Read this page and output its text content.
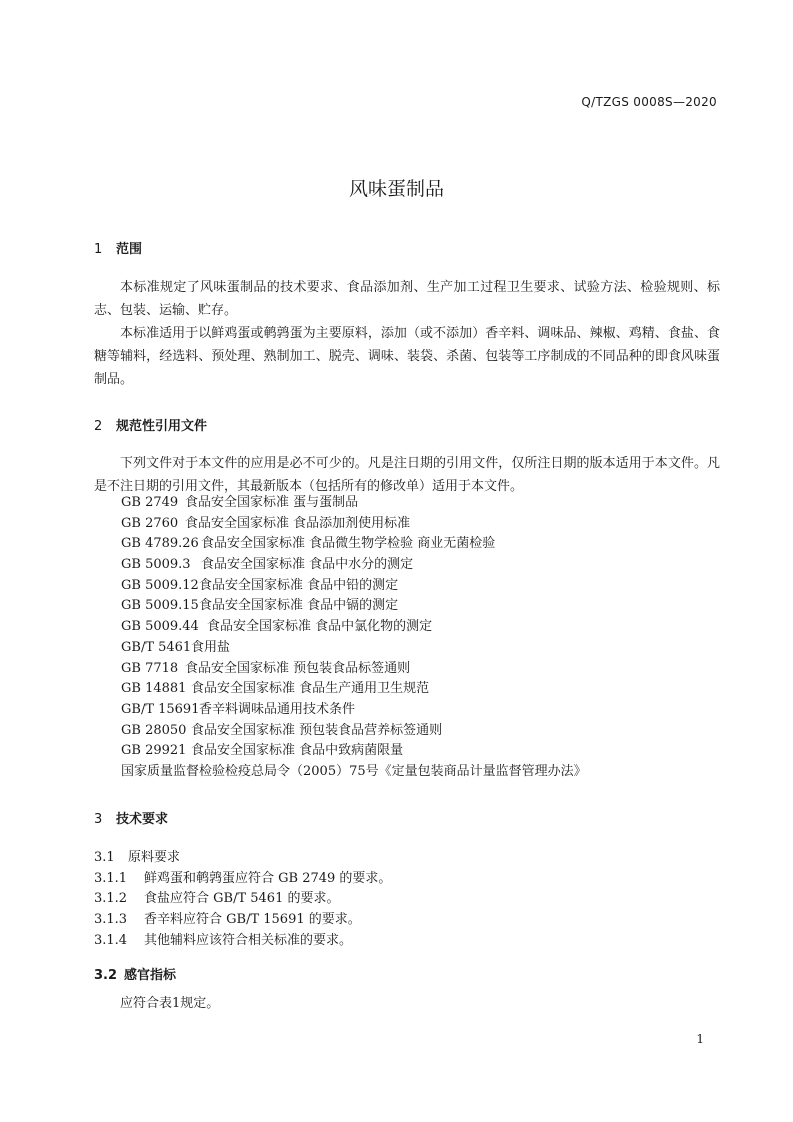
Q/TZGS 0008S—2020
风味蛋制品
1 范围
本标准规定了风味蛋制品的技术要求、食品添加剂、生产加工过程卫生要求、试验方法、检验规则、标志、包装、运输、贮存。
本标准适用于以鲜鸡蛋或鹌鹑蛋为主要原料，添加（或不添加）香辛料、调味品、辣椒、鸡精、食盐、食糖等辅料，经选料、预处理、熟制加工、脱壳、调味、装袋、杀菌、包装等工序制成的不同品种的即食风味蛋制品。
2 规范性引用文件
下列文件对于本文件的应用是必不可少的。凡是注日期的引用文件，仅所注日期的版本适用于本文件。凡是不注日期的引用文件，其最新版本（包括所有的修改单）适用于本文件。
GB 2749 食品安全国家标准 蛋与蛋制品
GB 2760 食品安全国家标准 食品添加剂使用标准
GB 4789.26 食品安全国家标准 食品微生物学检验 商业无菌检验
GB 5009.3 食品安全国家标准 食品中水分的测定
GB 5009.12食品安全国家标准 食品中铅的测定
GB 5009.15食品安全国家标准 食品中镉的测定
GB 5009.44 食品安全国家标准 食品中氯化物的测定
GB/T 5461食用盐
GB 7718 食品安全国家标准 预包装食品标签通则
GB 14881 食品安全国家标准 食品生产通用卫生规范
GB/T 15691香辛料调味品通用技术条件
GB 28050 食品安全国家标准 预包装食品营养标签通则
GB 29921 食品安全国家标准 食品中致病菌限量
国家质量监督检验检疫总局令（2005）75号《定量包装商品计量监督管理办法》
3 技术要求
3.1 原料要求
3.1.1 鲜鸡蛋和鹌鹑蛋应符合 GB 2749 的要求。
3.1.2 食盐应符合 GB/T 5461 的要求。
3.1.3 香辛料应符合 GB/T 15691 的要求。
3.1.4 其他辅料应该符合相关标准的要求。
3.2 感官指标
应符合表1规定。
1
